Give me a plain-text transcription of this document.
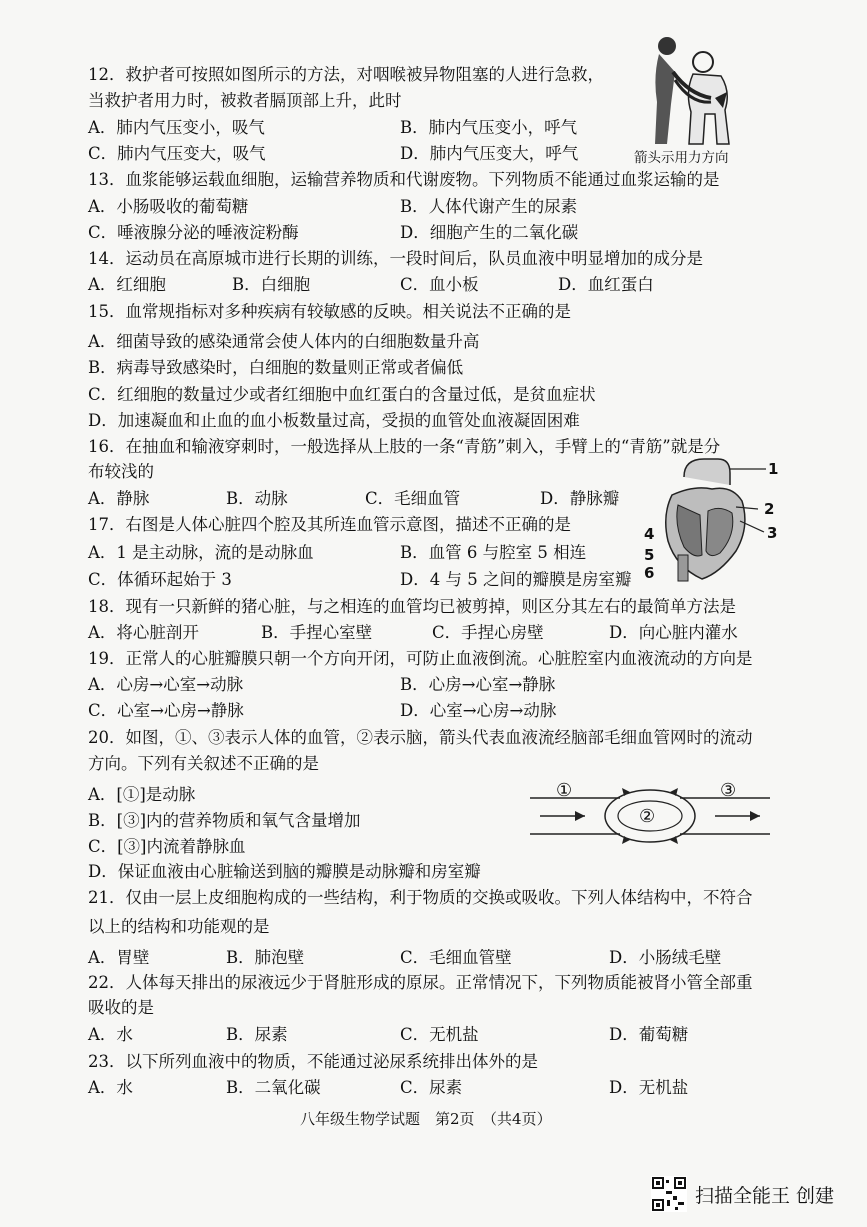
12．救护者可按照如图所示的方法，对咽喉被异物阻塞的人进行急救，
当救护者用力时，被救者膈顶部上升，此时
A．肺内气压变小，吸气	B．肺内气压变小，呼气
C．肺内气压变大，吸气	D．肺内气压变大，呼气	箭头示用力方向
13．血浆能够运载血细胞，运输营养物质和代谢废物。下列物质不能通过血浆运输的是
A．小肠吸收的葡萄糖	B．人体代谢产生的尿素
C．唾液腺分泌的唾液淀粉酶	D．细胞产生的二氧化碳
14．运动员在高原城市进行长期的训练，一段时间后，队员血液中明显增加的成分是
A．红细胞	B．白细胞	C．血小板	D．血红蛋白
15．血常规指标对多种疾病有较敏感的反映。相关说法不正确的是
A．细菌导致的感染通常会使人体内的白细胞数量升高
B．病毒导致感染时，白细胞的数量则正常或者偏低
C．红细胞的数量过少或者红细胞中血红蛋白的含量过低，是贫血症状
D．加速凝血和止血的血小板数量过高，受损的血管处血液凝固困难
16．在抽血和输液穿刺时，一般选择从上肢的一条“青筋”刺入，手臂上的“青筋”就是分
布较浅的
A．静脉	B．动脉	C．毛细血管	D．静脉瓣
1
2
3
4
5
6
17．右图是人体心脏四个腔及其所连血管示意图，描述不正确的是
A．1 是主动脉，流的是动脉血	B．血管 6 与腔室 5 相连
C．体循环起始于 3	D．4 与 5 之间的瓣膜是房室瓣
18．现有一只新鲜的猪心脏，与之相连的血管均已被剪掉，则区分其左右的最简单方法是
A．将心脏剖开	B．手捏心室壁	C．手捏心房壁	D．向心脏内灌水
19．正常人的心脏瓣膜只朝一个方向开闭，可防止血液倒流。心脏腔室内血液流动的方向是
A．心房→心室→动脉	B．心房→心室→静脉
C．心室→心房→静脉	D．心室→心房→动脉
20．如图，①、③表示人体的血管，②表示脑，箭头代表血液流经脑部毛细血管网时的流动
方向。下列有关叙述不正确的是
A．[①]是动脉
B．[③]内的营养物质和氧气含量增加
C．[③]内流着静脉血
D．保证血液由心脏输送到脑的瓣膜是动脉瓣和房室瓣
①
②
③
21．仅由一层上皮细胞构成的一些结构，利于物质的交换或吸收。下列人体结构中，不符合
以上的结构和功能观的是
A．胃壁	B．肺泡壁	C．毛细血管壁	D．小肠绒毛壁
22．人体每天排出的尿液远少于肾脏形成的原尿。正常情况下，下列物质能被肾小管全部重
吸收的是
A．水	B．尿素	C．无机盐	D．葡萄糖
23．以下所列血液中的物质，不能通过泌尿系统排出体外的是
A．水	B．二氧化碳	C．尿素	D．无机盐
八年级生物学试题　第2页　（共4页）
扫描全能王 创建
